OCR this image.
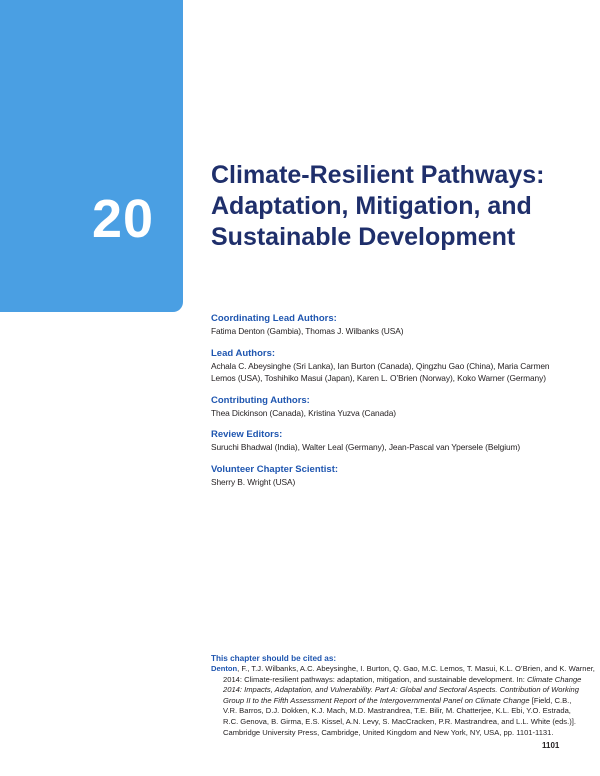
20
Climate-Resilient Pathways:
Adaptation, Mitigation, and
Sustainable Development
Coordinating Lead Authors:
Fatima Denton (Gambia), Thomas J. Wilbanks (USA)
Lead Authors:
Achala C. Abeysinghe (Sri Lanka), Ian Burton (Canada), Qingzhu Gao (China), Maria Carmen
Lemos (USA), Toshihiko Masui (Japan), Karen L. O’Brien (Norway), Koko Warner (Germany)
Contributing Authors:
Thea Dickinson (Canada), Kristina Yuzva (Canada)
Review Editors:
Suruchi Bhadwal (India), Walter Leal (Germany), Jean-Pascal van Ypersele (Belgium)
Volunteer Chapter Scientist:
Sherry B. Wright (USA)
This chapter should be cited as:
Denton, F., T.J. Wilbanks, A.C. Abeysinghe, I. Burton, Q. Gao, M.C. Lemos, T. Masui, K.L. O’Brien, and K. Warner,
2014: Climate-resilient pathways: adaptation, mitigation, and sustainable development. In: Climate Change
2014: Impacts, Adaptation, and Vulnerability. Part A: Global and Sectoral Aspects. Contribution of Working
Group II to the Fifth Assessment Report of the Intergovernmental Panel on Climate Change [Field, C.B.,
V.R. Barros, D.J. Dokken, K.J. Mach, M.D. Mastrandrea, T.E. Bilir, M. Chatterjee, K.L. Ebi, Y.O. Estrada,
R.C. Genova, B. Girma, E.S. Kissel, A.N. Levy, S. MacCracken, P.R. Mastrandrea, and L.L. White (eds.)].
Cambridge University Press, Cambridge, United Kingdom and New York, NY, USA, pp. 1101-1131.
1101
